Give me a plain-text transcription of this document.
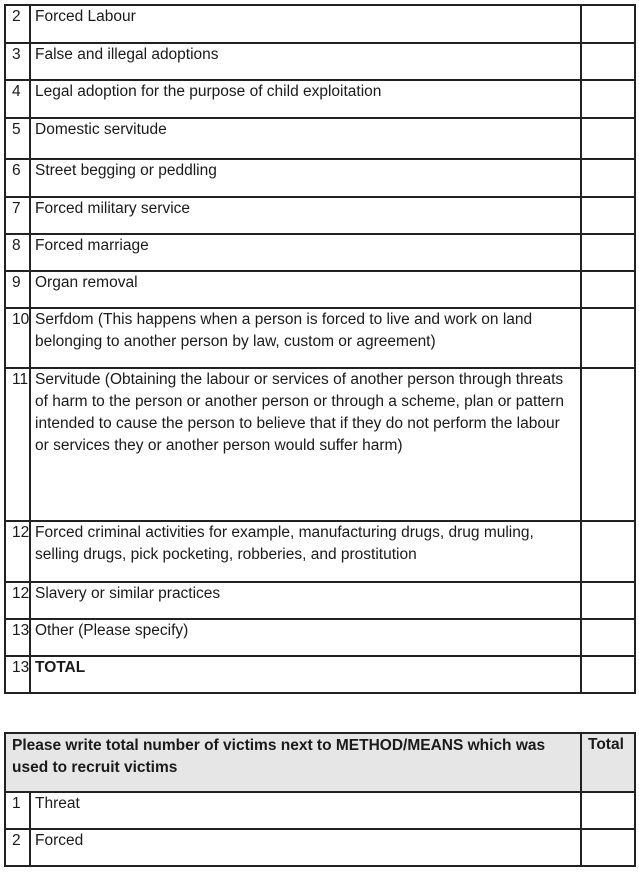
2	Forced Labour	
3	False and illegal adoptions	
4	Legal adoption for the purpose of child exploitation	
5	Domestic servitude	
6	Street begging or peddling	
7	Forced military service	
8	Forced marriage	
9	Organ removal	
10	Serfdom (This happens when a person is forced to live and work on land belonging to another person by law, custom or agreement)	
11	Servitude (Obtaining the labour or services of another person through threats of harm to the person or another person or through a scheme, plan or pattern intended to cause the person to believe that if they do not perform the labour or services they or another person would suffer harm)	
12	Forced criminal activities for example, manufacturing drugs, drug muling, selling drugs, pick pocketing, robberies, and prostitution	
12	Slavery or similar practices	
13	Other (Please specify)	
13	TOTAL	
Please write total number of victims next to METHOD/MEANS which was used to recruit victims		Total
1	Threat	
2	Forced	
